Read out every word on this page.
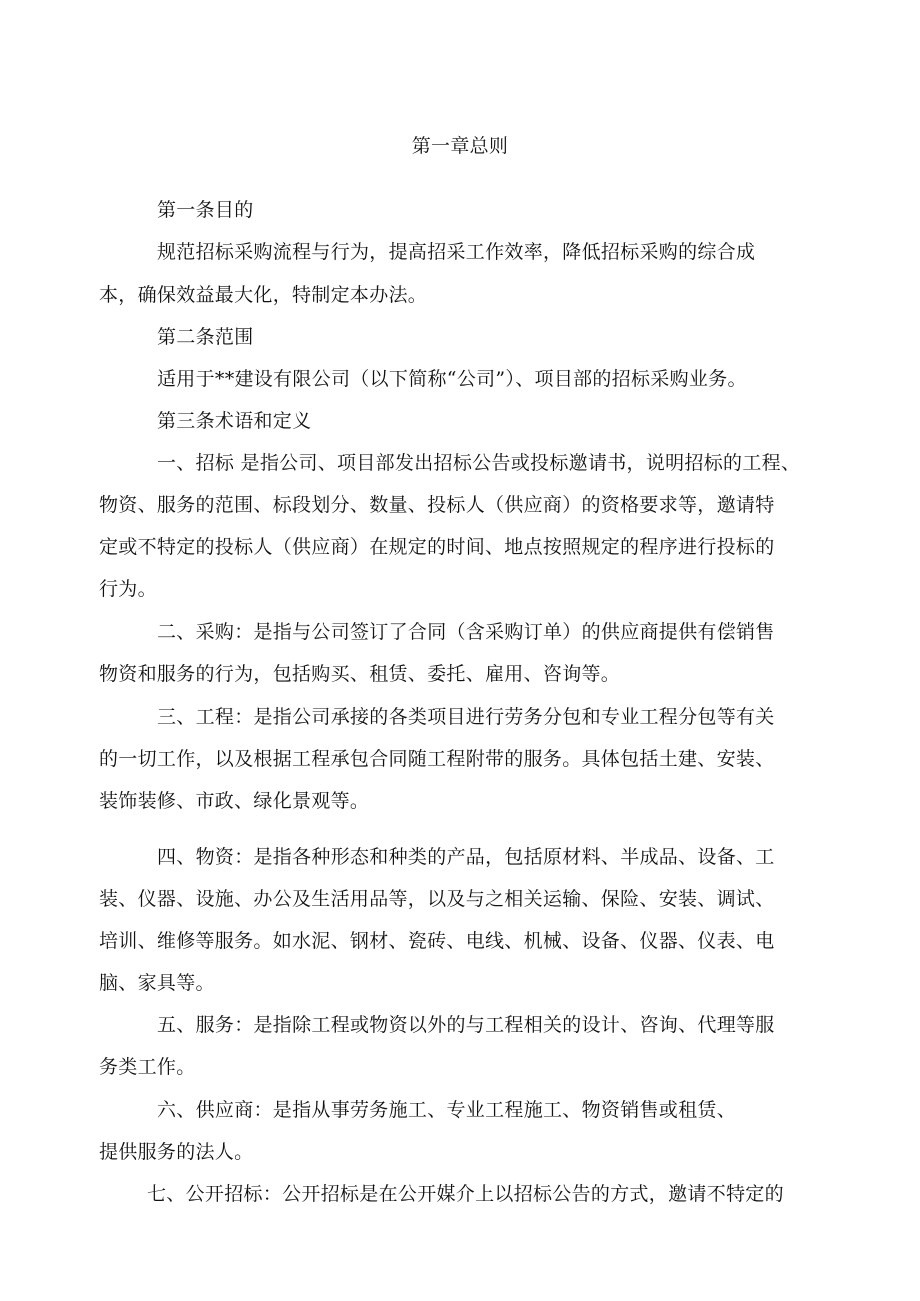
第一章总则
第一条目的
规范招标采购流程与行为，提高招采工作效率，降低招标采购的综合成
本，确保效益最大化，特制定本办法。
第二条范围
适用于**建设有限公司（以下简称“公司”）、项目部的招标采购业务。
第三条术语和定义
一、招标 是指公司、项目部发出招标公告或投标邀请书，说明招标的工程、
物资、服务的范围、标段划分、数量、投标人（供应商）的资格要求等，邀请特
定或不特定的投标人（供应商）在规定的时间、地点按照规定的程序进行投标的
行为。
二、采购：是指与公司签订了合同（含采购订单）的供应商提供有偿销售
物资和服务的行为，包括购买、租赁、委托、雇用、咨询等。
三、工程：是指公司承接的各类项目进行劳务分包和专业工程分包等有关
的一切工作，以及根据工程承包合同随工程附带的服务。具体包括土建、安装、
装饰装修、市政、绿化景观等。
四、物资：是指各种形态和种类的产品，包括原材料、半成品、设备、工
装、仪器、设施、办公及生活用品等，以及与之相关运输、保险、安装、调试、
培训、维修等服务。如水泥、钢材、瓷砖、电线、机械、设备、仪器、仪表、电
脑、家具等。
五、服务：是指除工程或物资以外的与工程相关的设计、咨询、代理等服
务类工作。
六、供应商：是指从事劳务施工、专业工程施工、物资销售或租赁、
提供服务的法人。
七、公开招标：公开招标是在公开媒介上以招标公告的方式，邀请不特定的
